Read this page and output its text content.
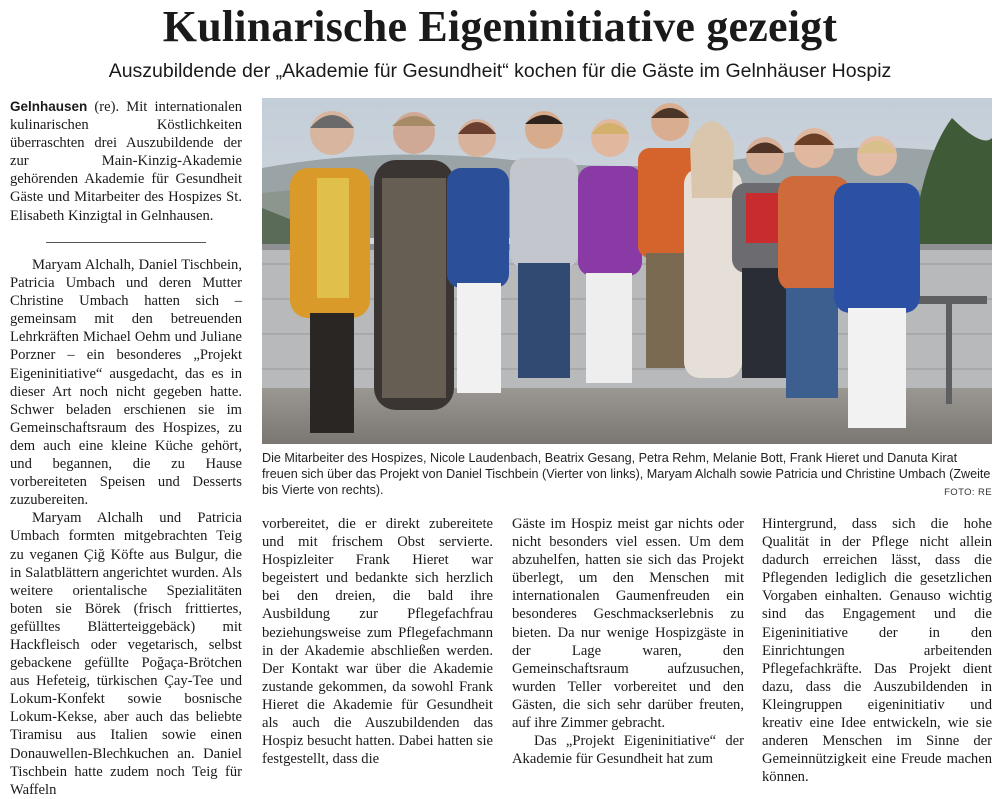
Kulinarische Eigeninitiative gezeigt
Auszubildende der „Akademie für Gesundheit“ kochen für die Gäste im Gelnhäuser Hospiz

Gelnhausen (re). Mit internationalen kulinarischen Köstlichkeiten überraschten drei Auszubildende der zur Main-Kinzig-Akademie gehörenden Akademie für Gesundheit Gäste und Mitarbeiter des Hospizes St. Elisabeth Kinzigtal in Gelnhausen.

Maryam Alchalh, Daniel Tischbein, Patricia Umbach und deren Mutter Christine Umbach hatten sich – gemeinsam mit den betreuenden Lehrkräften Michael Oehm und Juliane Porzner – ein besonderes „Projekt Eigeninitiative“ ausgedacht, das es in dieser Art noch nicht gegeben hatte. Schwer beladen erschienen sie im Gemeinschaftsraum des Hospizes, zu dem auch eine kleine Küche gehört, und begannen, die zu Hause vorbereiteten Speisen und Desserts zuzubereiten.

Maryam Alchalh und Patricia Umbach formten mitgebrachten Teig zu veganen Çiğ Köfte aus Bulgur, die in Salatblättern angerichtet wurden. Als weitere orientalische Spezialitäten boten sie Börek (frisch frittiertes, gefülltes Blätterteiggebäck) mit Hackfleisch oder vegetarisch, selbst gebackene gefüllte Poğaça-Brötchen aus Hefeteig, türkischen Çay-Tee und Lokum-Konfekt sowie bosnische Lokum-Kekse, aber auch das beliebte Tiramisu aus Italien sowie einen Donauwellen-Blechkuchen an. Daniel Tischbein hatte zudem noch Teig für Waffeln

Die Mitarbeiter des Hospizes, Nicole Laudenbach, Beatrix Gesang, Petra Rehm, Melanie Bott, Frank Hieret und Danuta Kirat freuen sich über das Projekt von Daniel Tischbein (Vierter von links), Maryam Alchalh sowie Patricia und Christine Umbach (Zweite bis Vierte von rechts).	FOTO: RE

vorbereitet, die er direkt zubereitete und mit frischem Obst servierte. Hospizleiter Frank Hieret war begeistert und bedankte sich herzlich bei den dreien, die bald ihre Ausbildung zur Pflegefachfrau beziehungsweise zum Pflegefachmann in der Akademie abschließen werden. Der Kontakt war über die Akademie zustande gekommen, da sowohl Frank Hieret die Akademie für Gesundheit als auch die Auszubildenden das Hospiz besucht hatten. Dabei hatten sie festgestellt, dass die

Gäste im Hospiz meist gar nichts oder nicht besonders viel essen. Um dem abzuhelfen, hatten sie sich das Projekt überlegt, um den Menschen mit internationalen Gaumenfreuden ein besonderes Geschmackserlebnis zu bieten. Da nur wenige Hospizgäste in der Lage waren, den Gemeinschaftsraum aufzusuchen, wurden Teller vorbereitet und den Gästen, die sich sehr darüber freuten, auf ihre Zimmer gebracht.

Das „Projekt Eigeninitiative“ der Akademie für Gesundheit hat zum

Hintergrund, dass sich die hohe Qualität in der Pflege nicht allein dadurch erreichen lässt, dass die Pflegenden lediglich die gesetzlichen Vorgaben einhalten. Genauso wichtig sind das Engagement und die Eigeninitiative der in den Einrichtungen arbeitenden Pflegefachkräfte. Das Projekt dient dazu, dass die Auszubildenden in Kleingruppen eigeninitiativ und kreativ eine Idee entwickeln, wie sie anderen Menschen im Sinne der Gemeinnützigkeit eine Freude machen können.
